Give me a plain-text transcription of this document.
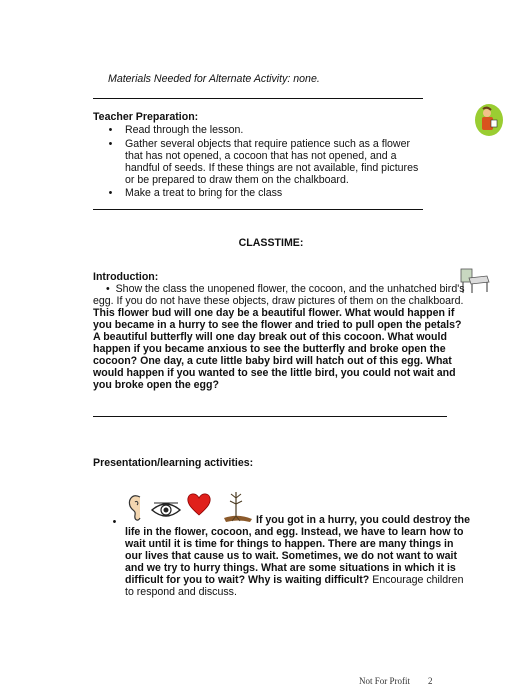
Materials Needed for Alternate Activity: none.
Teacher Preparation:
• Read through the lesson.
• Gather several objects that require patience such as a flower that has not opened, a cocoon that has not opened, and a handful of seeds. If these things are not available, find pictures or be prepared to draw them on the chalkboard.
• Make a treat to bring for the class
CLASSTIME:
Introduction:
•  Show the class the unopened flower, the cocoon, and the unhatched bird's egg. If you do not have these objects, draw pictures of them on the chalkboard.  This flower bud will one day be a beautiful flower. What would happen if you became in a hurry to see the flower and tried to pull open the petals? A beautiful butterfly will one day break out of this cocoon. What would happen if you became anxious to see the butterfly and broke open the cocoon? One day, a cute little baby bird will hatch out of this egg. What would happen if you wanted to see the little bird, you could not wait and you broke open the egg?
Presentation/learning activities:
•	If you got in a hurry, you could destroy the life in the flower, cocoon, and egg. Instead, we have to learn how to wait until it is time for things to happen. There are many things in our lives that cause us to wait. Sometimes, we do not want to wait and we try to hurry things. What are some situations in which it is difficult for you to wait? Why is waiting difficult? Encourage children to respond and discuss.
Not For Profit 2
